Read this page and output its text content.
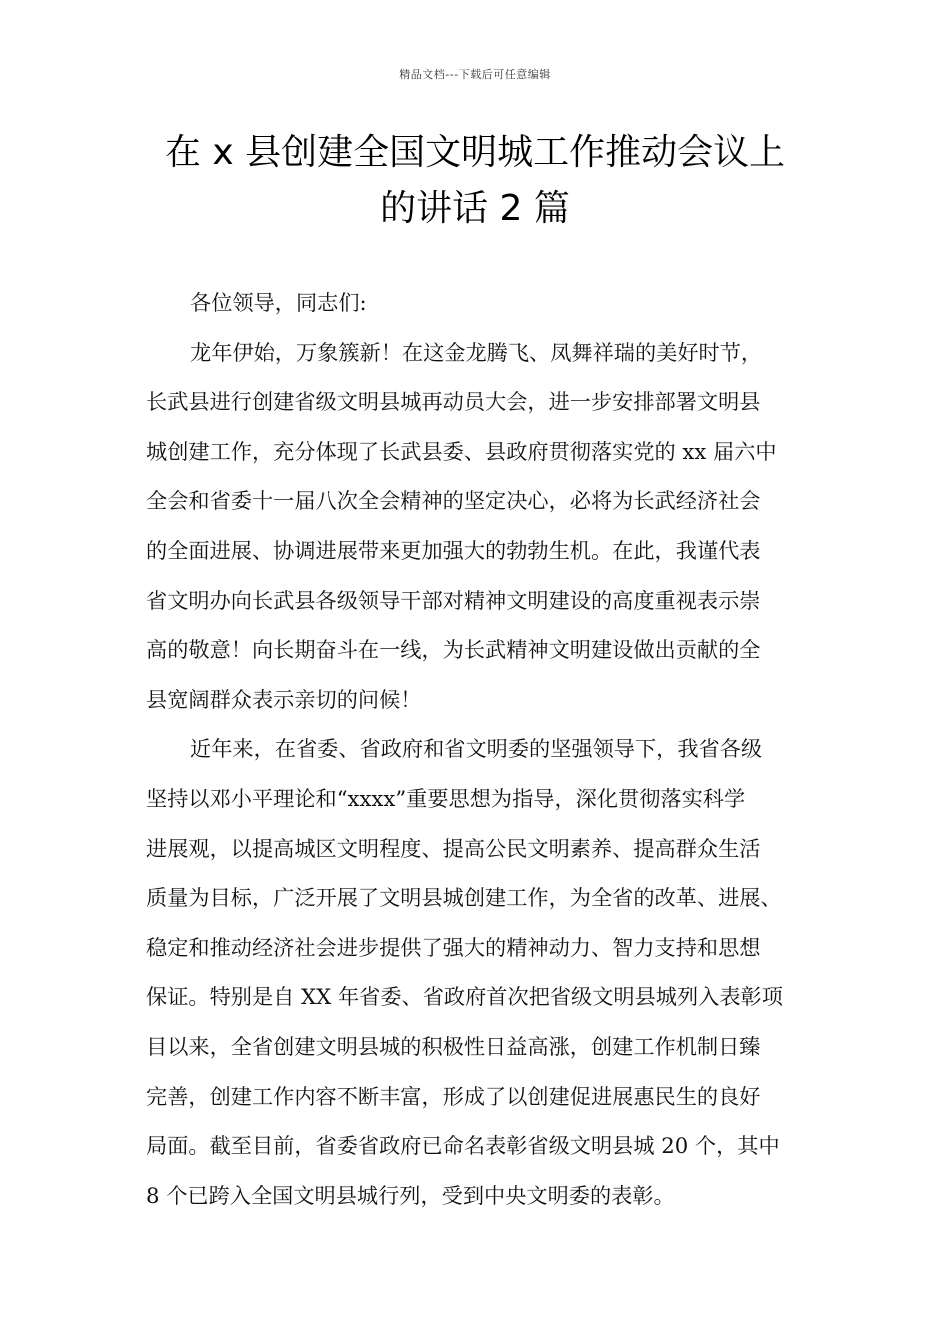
精品文档---下载后可任意编辑
在 x 县创建全国文明城工作推动会议上
的讲话 2 篇
各位领导，同志们:
龙年伊始，万象簇新！在这金龙腾飞、凤舞祥瑞的美好时节，
长武县进行创建省级文明县城再动员大会，进一步安排部署文明县
城创建工作，充分体现了长武县委、县政府贯彻落实党的 xx 届六中
全会和省委十一届八次全会精神的坚定决心，必将为长武经济社会
的全面进展、协调进展带来更加强大的勃勃生机。在此，我谨代表
省文明办向长武县各级领导干部对精神文明建设的高度重视表示崇
高的敬意！向长期奋斗在一线，为长武精神文明建设做出贡献的全
县宽阔群众表示亲切的问候！
近年来，在省委、省政府和省文明委的坚强领导下，我省各级
坚持以邓小平理论和“xxxx”重要思想为指导，深化贯彻落实科学
进展观，以提高城区文明程度、提高公民文明素养、提高群众生活
质量为目标，广泛开展了文明县城创建工作，为全省的改革、进展、
稳定和推动经济社会进步提供了强大的精神动力、智力支持和思想
保证。特别是自 XX 年省委、省政府首次把省级文明县城列入表彰项
目以来，全省创建文明县城的积极性日益高涨，创建工作机制日臻
完善，创建工作内容不断丰富，形成了以创建促进展惠民生的良好
局面。截至目前，省委省政府已命名表彰省级文明县城 20 个，其中
8 个已跨入全国文明县城行列，受到中央文明委的表彰。
